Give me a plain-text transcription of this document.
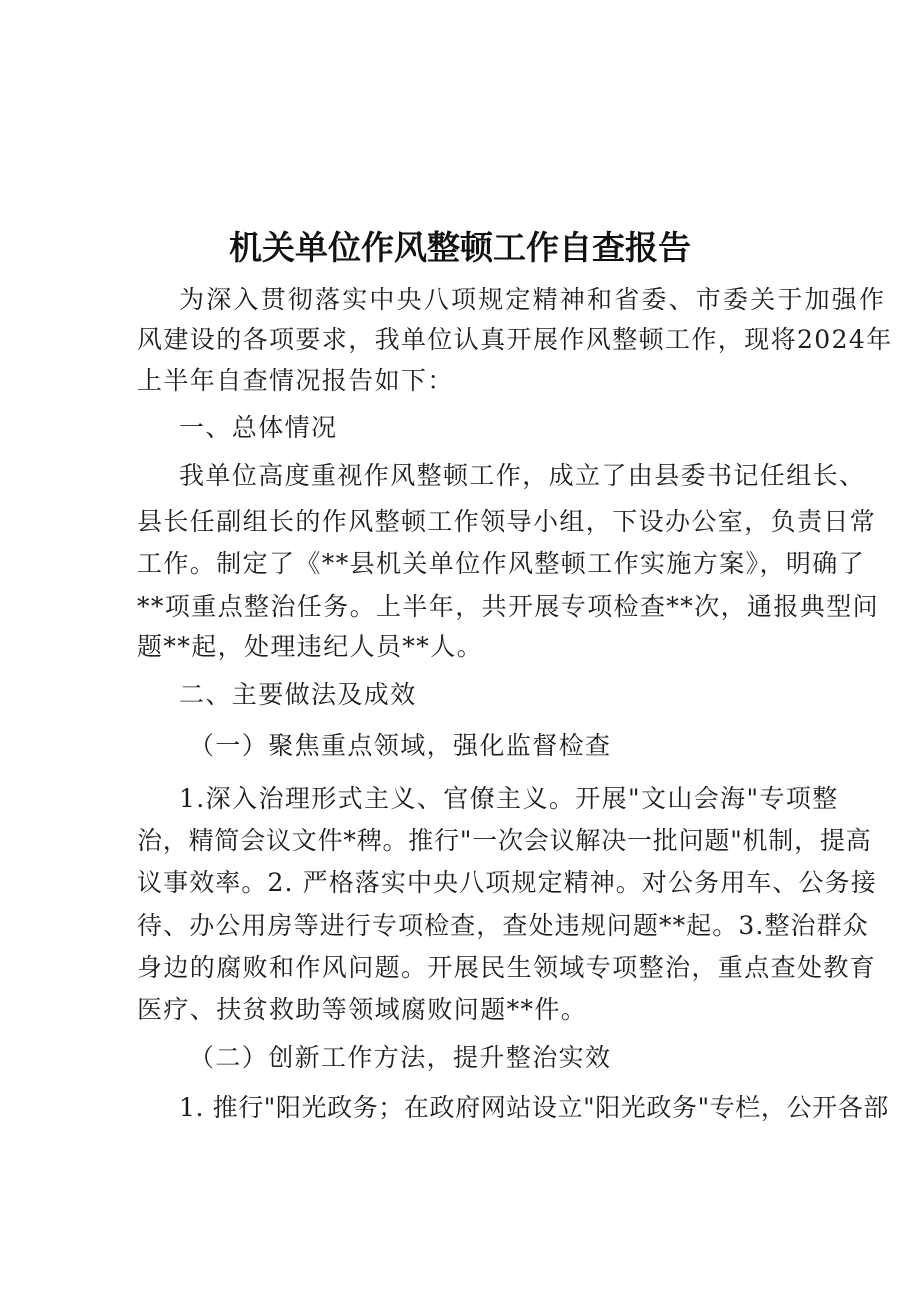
机关单位作风整顿工作自查报告

为深入贯彻落实中央八项规定精神和省委、市委关于加强作

风建设的各项要求，我单位认真开展作风整顿工作，现将2024年

上半年自查情况报告如下：

一、总体情况

我单位高度重视作风整顿工作，成立了由县委书记任组长、

县长任副组长的作风整顿工作领导小组，下设办公室，负责日常

工作。制定了《**县机关单位作风整顿工作实施方案》，明确了

**项重点整治任务。上半年，共开展专项检查**次，通报典型问

题**起，处理违纪人员**人。

二、主要做法及成效

（一）聚焦重点领域，强化监督检查

1.深入治理形式主义、官僚主义。开展"文山会海"专项整

治，精简会议文件*稗。推行"一次会议解决一批问题"机制，提高

议事效率。2. 严格落实中央八项规定精神。对公务用车、公务接

待、办公用房等进行专项检查，查处违规问题**起。3.整治群众

身边的腐败和作风问题。开展民生领域专项整治，重点查处教育

医疗、扶贫救助等领域腐败问题**件。

（二）创新工作方法，提升整治实效

1. 推行"阳光政务；在政府网站设立"阳光政务"专栏，公开各部
